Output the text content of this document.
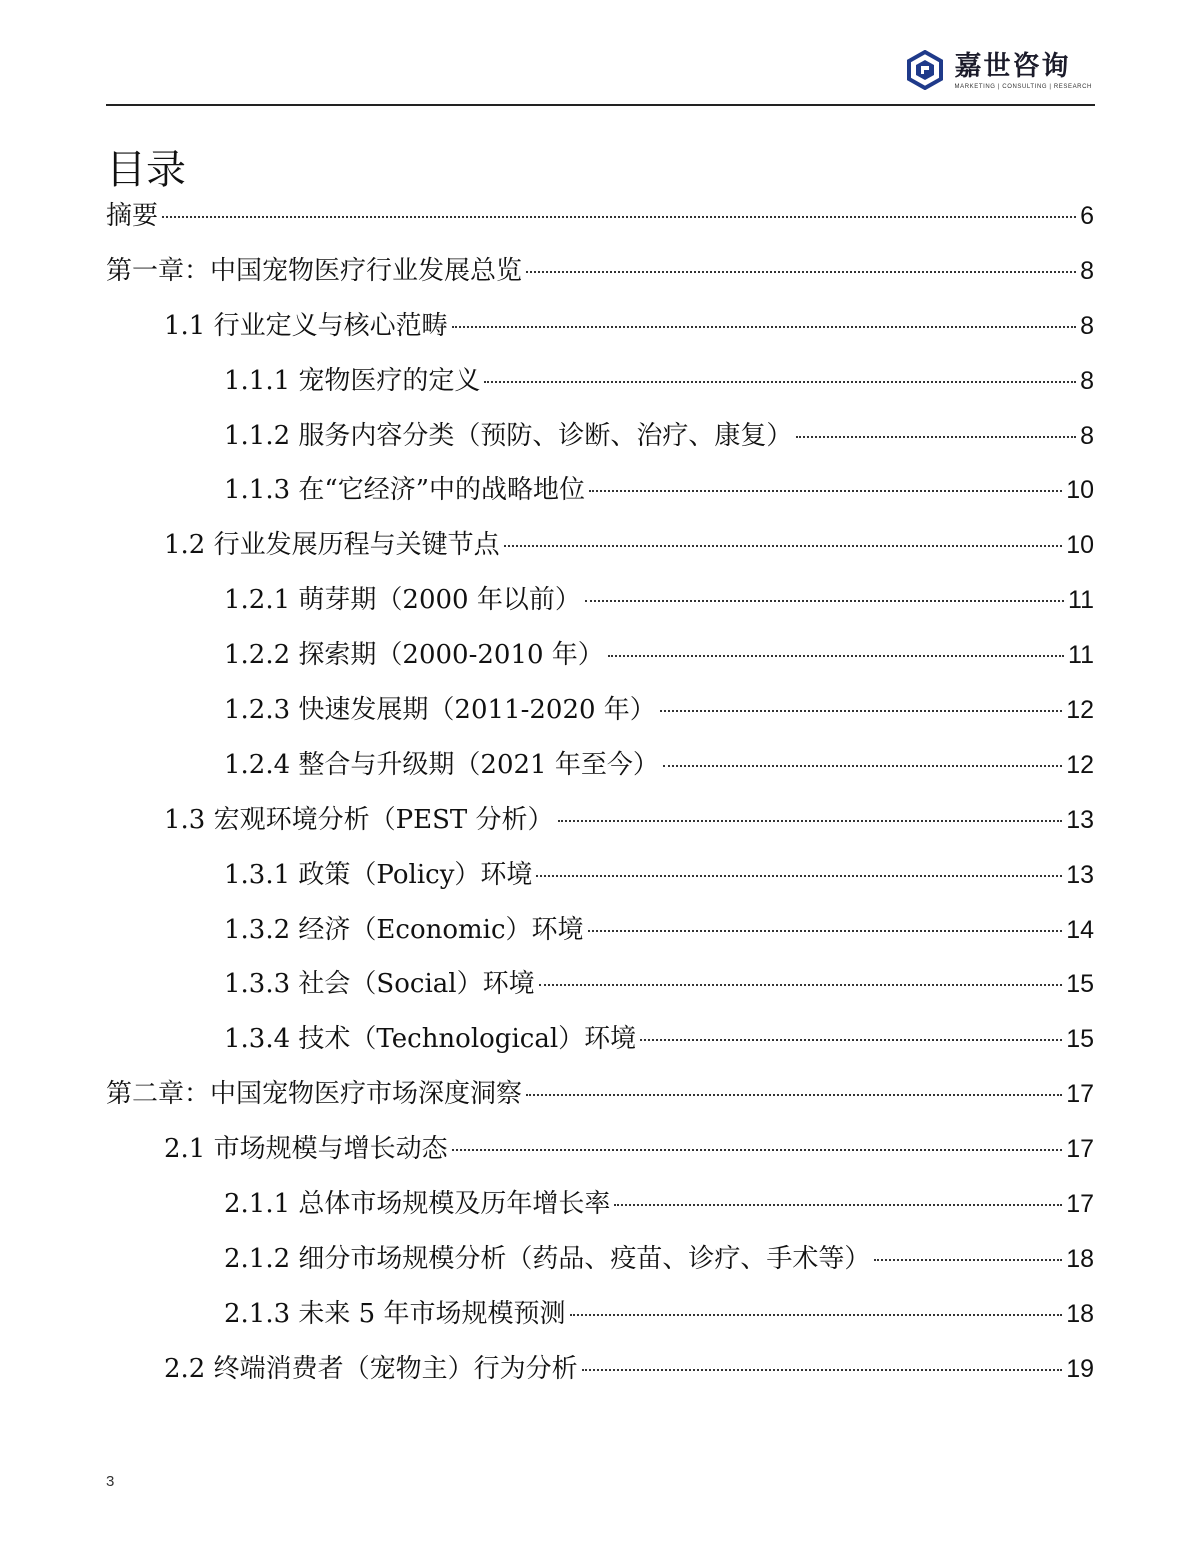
嘉世咨询
MARKETING | CONSULTING | RESEARCH
目录
摘要	6
第一章：中国宠物医疗行业发展总览	8
1.1 行业定义与核心范畴	8
1.1.1 宠物医疗的定义	8
1.1.2 服务内容分类（预防、诊断、治疗、康复）	8
1.1.3 在“它经济”中的战略地位	10
1.2 行业发展历程与关键节点	10
1.2.1 萌芽期（2000 年以前）	11
1.2.2 探索期（2000-2010 年）	11
1.2.3 快速发展期（2011-2020 年）	12
1.2.4 整合与升级期（2021 年至今）	12
1.3 宏观环境分析（PEST 分析）	13
1.3.1 政策（Policy）环境	13
1.3.2 经济（Economic）环境	14
1.3.3 社会（Social）环境	15
1.3.4 技术（Technological）环境	15
第二章：中国宠物医疗市场深度洞察	17
2.1 市场规模与增长动态	17
2.1.1 总体市场规模及历年增长率	17
2.1.2 细分市场规模分析（药品、疫苗、诊疗、手术等）	18
2.1.3 未来 5 年市场规模预测	18
2.2 终端消费者（宠物主）行为分析	19
3
